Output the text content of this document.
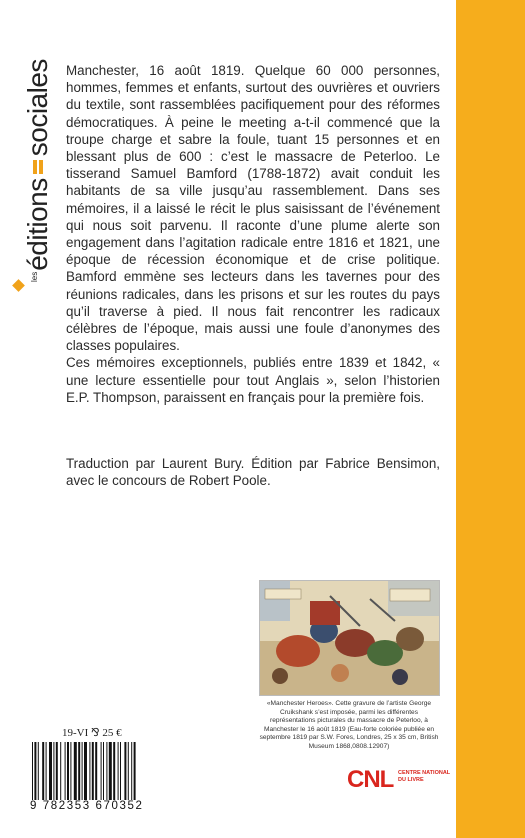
$^{les}$éditions
sociales Manchester, 16 août 1819. Quelque 60 000 personnes, hommes, femmes et enfants, surtout des ouvrières et ouvriers du textile, sont rassemblées pacifiquement pour des réformes démocratiques. À peine le meeting a-t-il commencé que la troupe charge et sabre la foule, tuant 15 personnes et en blessant plus de 600 : c’est le massacre de Peterloo. Le tisserand Samuel Bamford (1788-1872) avait conduit les habitants de sa ville jusqu’au rassemblement. Dans ses mémoires, il a laissé le récit le plus saisissant de l’événement qui nous soit parvenu. Il raconte d’une plume alerte son engagement dans l’agitation radicale entre 1816 et 1821, une époque de récession économique et de crise politique. Bamford emmène ses lecteurs dans les tavernes pour des réunions radicales, dans les prisons et sur les routes du pays qu’il traverse à pied. Il nous fait rencontrer les radicaux célèbres de l’époque, mais aussi une foule d’anonymes des classes populaires.

Ces mémoires exceptionnels, publiés entre 1839 et 1842, « une lecture essentielle pour tout Anglais », selon l’historien E.P. Thompson, paraissent en français pour la première fois.

Traduction par Laurent Bury. Édition par Fabrice Bensimon, avec le concours de Robert Poole.
«Manchester Heroes». Cette gravure de l’artiste George Cruikshank s’est imposée, parmi les différentes représentations picturales du massacre de Peterloo, à Manchester le 16 août 1819 (Eau-forte coloriée publiée en septembre 1819 par S.W. Fores, Londres, 25 x 35 cm, British Museum 1868,0808.12907)
19-VI ⅋ 25 €
9 782353 670352
CNL CENTRE NATIONAL DU LIVRE
